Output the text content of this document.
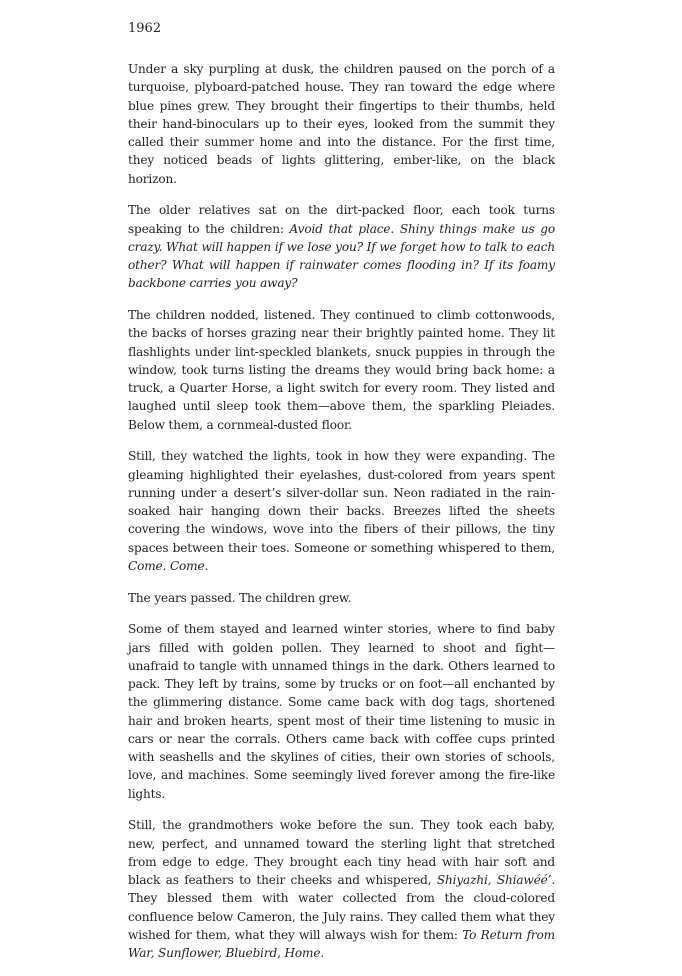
1962

Under a sky purpling at dusk, the children paused on the porch of a turquoise, plyboard-patched house. They ran toward the edge where blue pines grew. They brought their fingertips to their thumbs, held their hand-binoculars up to their eyes, looked from the summit they called their summer home and into the distance. For the first time, they noticed beads of lights glittering, ember-like, on the black horizon.

The older relatives sat on the dirt-packed floor, each took turns speaking to the children: Avoid that place. Shiny things make us go crazy. What will happen if we lose you? If we forget how to talk to each other? What will happen if rainwater comes flooding in? If its foamy backbone carries you away?

The children nodded, listened. They continued to climb cottonwoods, the backs of horses grazing near their brightly painted home. They lit flashlights under lint-speckled blankets, snuck puppies in through the window, took turns listing the dreams they would bring back home: a truck, a Quarter Horse, a light switch for every room. They listed and laughed until sleep took them—above them, the sparkling Pleiades. Below them, a cornmeal-dusted floor.

Still, they watched the lights, took in how they were expanding. The gleaming highlighted their eyelashes, dust-colored from years spent running under a desert’s silver-dollar sun. Neon radiated in the rain-soaked hair hanging down their backs. Breezes lifted the sheets covering the windows, wove into the fibers of their pillows, the tiny spaces between their toes. Someone or something whispered to them, Come. Come.

The years passed. The children grew.

Some of them stayed and learned winter stories, where to find baby jars filled with golden pollen. They learned to shoot and fight—unafraid to tangle with unnamed things in the dark. Others learned to pack. They left by trains, some by trucks or on foot—all enchanted by the glimmering distance. Some came back with dog tags, shortened hair and broken hearts, spent most of their time listening to music in cars or near the corrals. Others came back with coffee cups printed with seashells and the skylines of cities, their own stories of schools, love, and machines. Some seemingly lived forever among the fire-like lights.

Still, the grandmothers woke before the sun. They took each baby, new, perfect, and unnamed toward the sterling light that stretched from edge to edge. They brought each tiny head with hair soft and black as feathers to their cheeks and whispered, Shiyazhi, Shiawéé’. They blessed them with water collected from the cloud-colored confluence below Cameron, the July rains. They called them what they wished for them, what they will always wish for them: To Return from War, Sunflower, Bluebird, Home.
